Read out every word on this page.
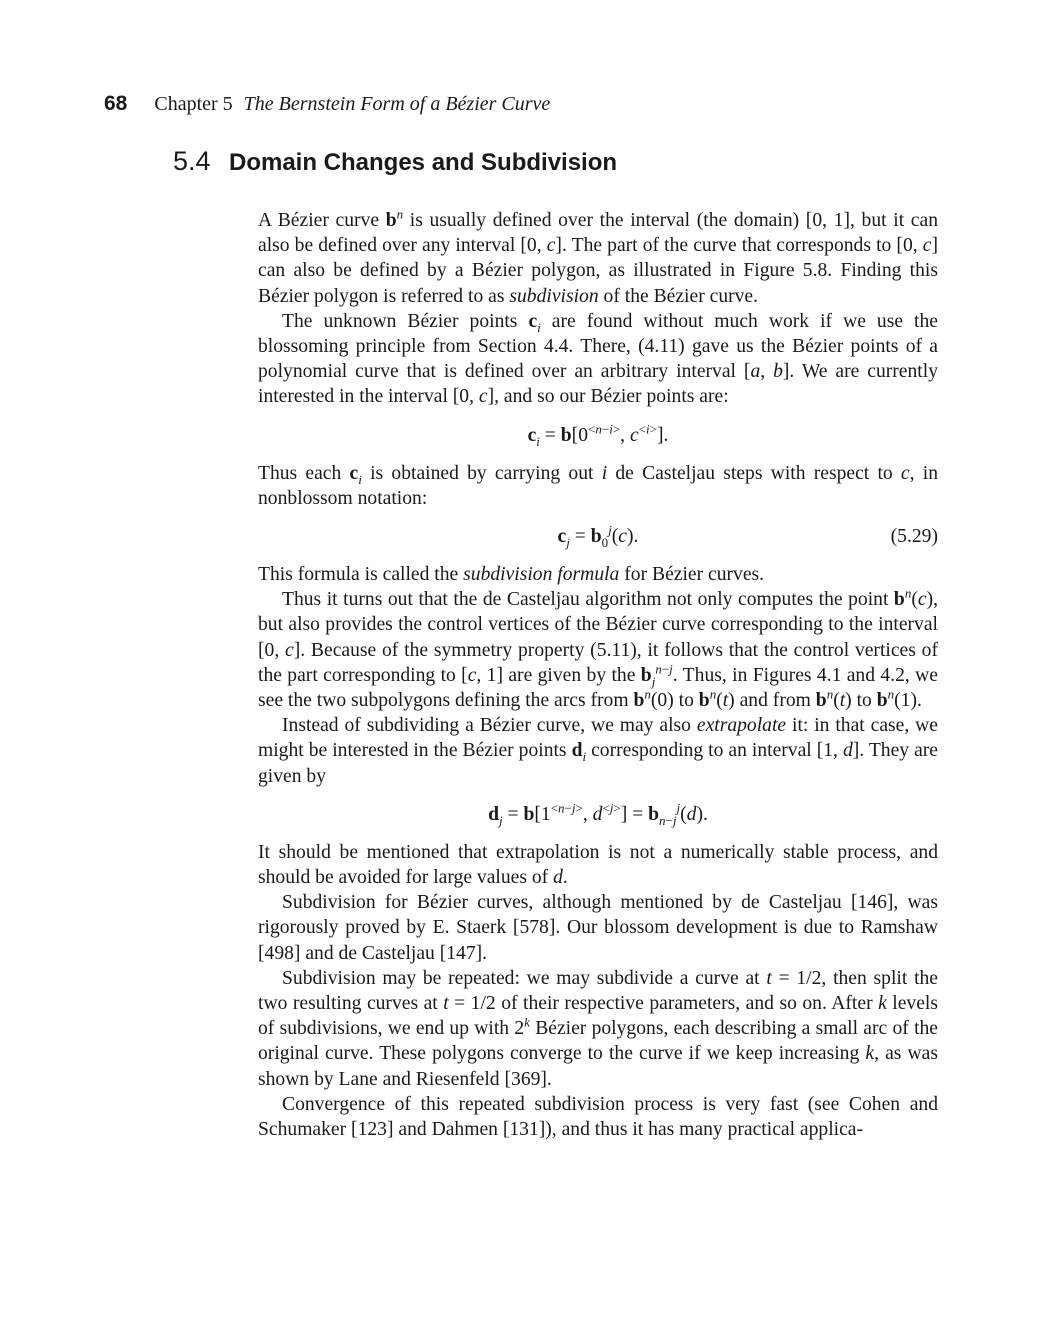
68 Chapter 5 The Bernstein Form of a Bézier Curve
5.4 Domain Changes and Subdivision

A Bézier curve $b^n$ is usually defined over the interval (the domain) [0, 1], but it can also be defined over any interval [0, c]. The part of the curve that corresponds to [0, c] can also be defined by a Bézier polygon, as illustrated in Figure 5.8. Finding this Bézier polygon is referred to as subdivision of the Bézier curve.

The unknown Bézier points $c_i$ are found without much work if we use the blossoming principle from Section 4.4. There, (4.11) gave us the Bézier points of a polynomial curve that is defined over an arbitrary interval [a, b]. We are currently interested in the interval [0, c], and so our Bézier points are:

$c_i = b[0^{<n-i>}$, $c^{<i>}$].

Thus each $c_i$ is obtained by carrying out i de Casteljau steps with respect to c, in nonblossom notation:

$c_j = b_0^j(c)$.	(5.29)

This formula is called the subdivision formula for Bézier curves.

Thus it turns out that the de Casteljau algorithm not only computes the point $b^n(c)$, but also provides the control vertices of the Bézier curve corresponding to the interval [0, c]. Because of the symmetry property (5.11), it follows that the control vertices of the part corresponding to [c, 1] are given by the $b_j^{n-j}$. Thus, in Figures 4.1 and 4.2, we see the two subpolygons defining the arcs from $b^n(0)$ to $b^n(t)$ and from $b^n(t)$ to $b^n(1)$.

Instead of subdividing a Bézier curve, we may also extrapolate it: in that case, we might be interested in the Bézier points $d_i$ corresponding to an interval [1, d]. They are given by

$d_j = b[1^{<n-j>}$, $d^{<j>}] = b_{n-j}^j(d)$.

It should be mentioned that extrapolation is not a numerically stable process, and should be avoided for large values of d.

Subdivision for Bézier curves, although mentioned by de Casteljau [146], was rigorously proved by E. Staerk [578]. Our blossom development is due to Ramshaw [498] and de Casteljau [147].

Subdivision may be repeated: we may subdivide a curve at t = 1/2, then split the two resulting curves at t = 1/2 of their respective parameters, and so on. After k levels of subdivisions, we end up with 2$^k$ Bézier polygons, each describing a small arc of the original curve. These polygons converge to the curve if we keep increasing k, as was shown by Lane and Riesenfeld [369].

Convergence of this repeated subdivision process is very fast (see Cohen and Schumaker [123] and Dahmen [131]), and thus it has many practical applica-
